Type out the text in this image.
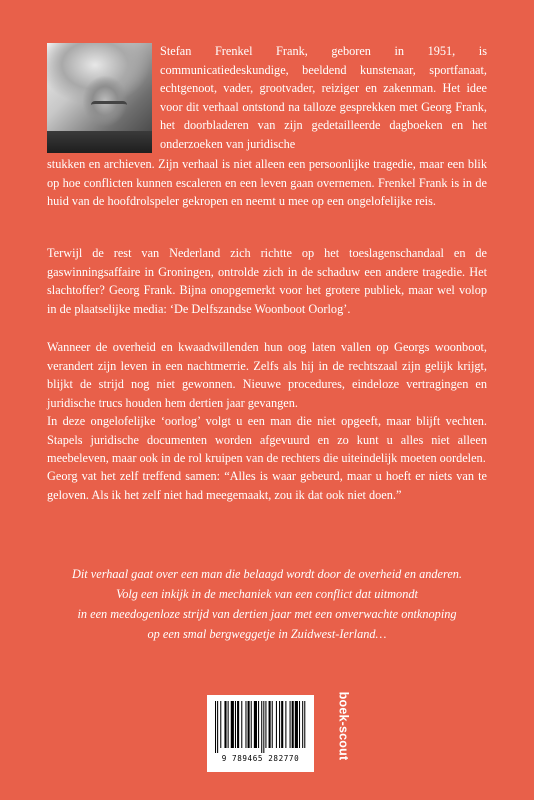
Stefan Frenkel Frank, geboren in 1951, is communicatiedeskundige, beeldend kunstenaar, sportfanaat, echtgenoot, vader, grootvader, reiziger en zakenman. Het idee voor dit verhaal ontstond na talloze gesprekken met Georg Frank, het doorbladeren van zijn gedetailleerde dagboeken en het onderzoeken van juridische

stukken en archieven. Zijn verhaal is niet alleen een persoonlijke tragedie, maar een blik op hoe conflicten kunnen escaleren en een leven gaan overnemen. Frenkel Frank is in de huid van de hoofdrolspeler gekropen en neemt u mee op een ongelofelijke reis.

Terwijl de rest van Nederland zich richtte op het toeslagenschandaal en de gaswinningsaffaire in Groningen, ontrolde zich in de schaduw een andere tragedie. Het slachtoffer? Georg Frank. Bijna onopgemerkt voor het grotere publiek, maar wel volop in de plaatselijke media: ‘De Delfszandse Woonboot Oorlog’.

Wanneer de overheid en kwaadwillenden hun oog laten vallen op Georgs woonboot, verandert zijn leven in een nachtmerrie. Zelfs als hij in de rechtszaal zijn gelijk krijgt, blijkt de strijd nog niet gewonnen. Nieuwe procedures, eindeloze vertragingen en juridische trucs houden hem dertien jaar gevangen.

In deze ongelofelijke ‘oorlog’ volgt u een man die niet opgeeft, maar blijft vechten. Stapels juridische documenten worden afgevuurd en zo kunt u alles niet alleen meebeleven, maar ook in de rol kruipen van de rechters die uiteindelijk moeten oordelen.

Georg vat het zelf treffend samen: “Alles is waar gebeurd, maar u hoeft er niets van te geloven. Als ik het zelf niet had meegemaakt, zou ik dat ook niet doen.”

Dit verhaal gaat over een man die belaagd wordt door de overheid en anderen.
Volg een inkijk in de mechaniek van een conflict dat uitmondt
in een meedogenloze strijd van dertien jaar met een onverwachte ontknoping
op een smal bergweggetje in Zuidwest-Ierland…
9 789465 282770	boek-scout
